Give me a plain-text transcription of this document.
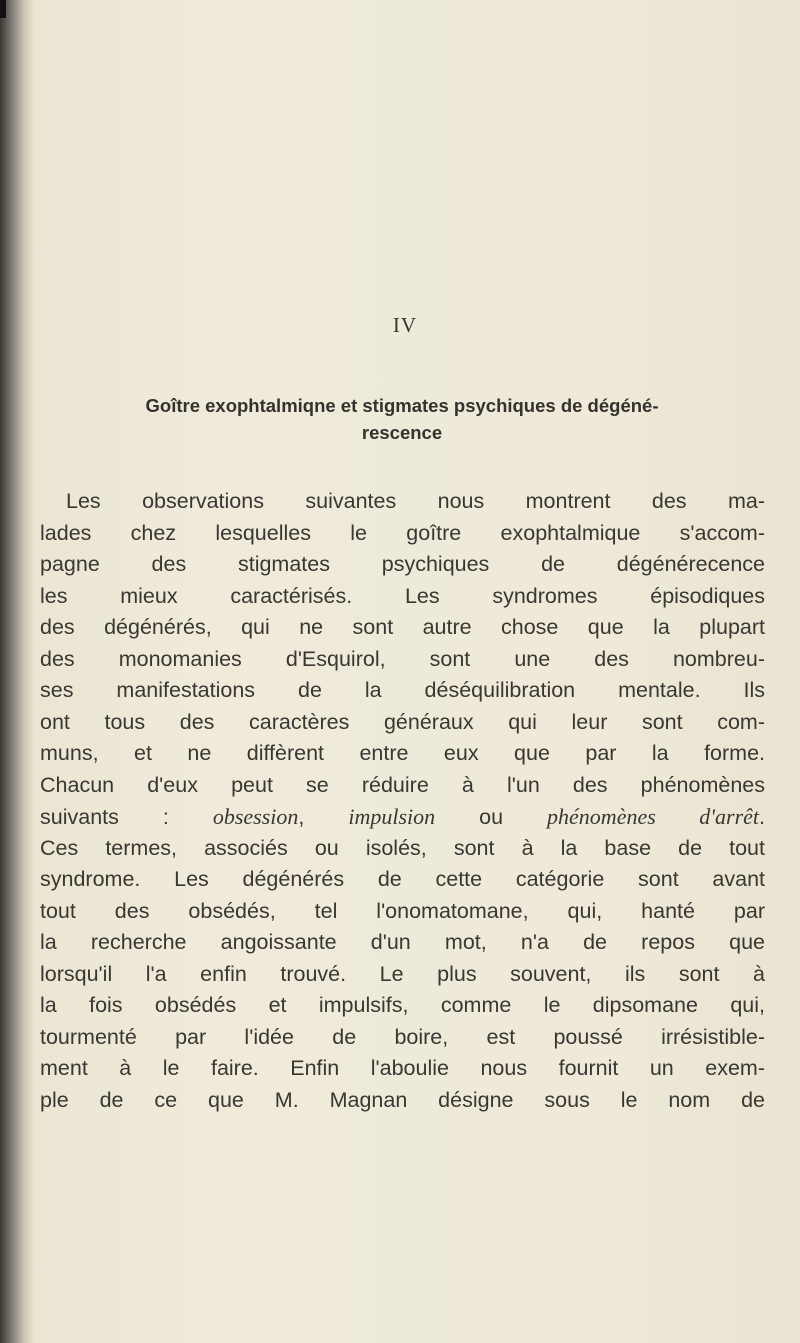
IV
Goître exophtalmiqne et stigmates psychiques de dégéné-
rescence
Les observations suivantes nous montrent des ma-
lades chez lesquelles le goître exophtalmique s'accom-
pagne des stigmates psychiques de dégénérecence
les mieux caractérisés. Les syndromes épisodiques
des dégénérés, qui ne sont autre chose que la plupart
des monomanies d'Esquirol, sont une des nombreu-
ses manifestations de la déséquilibration mentale. Ils
ont tous des caractères généraux qui leur sont com-
muns, et ne diffèrent entre eux que par la forme.
Chacun d'eux peut se réduire à l'un des phénomènes
suivants : obsession, impulsion ou phénomènes d'arrêt.
Ces termes, associés ou isolés, sont à la base de tout
syndrome. Les dégénérés de cette catégorie sont avant
tout des obsédés, tel l'onomatomane, qui, hanté par
la recherche angoissante d'un mot, n'a de repos que
lorsqu'il l'a enfin trouvé. Le plus souvent, ils sont à
la fois obsédés et impulsifs, comme le dipsomane qui,
tourmenté par l'idée de boire, est poussé irrésistible-
ment à le faire. Enfin l'aboulie nous fournit un exem-
ple de ce que M. Magnan désigne sous le nom de
